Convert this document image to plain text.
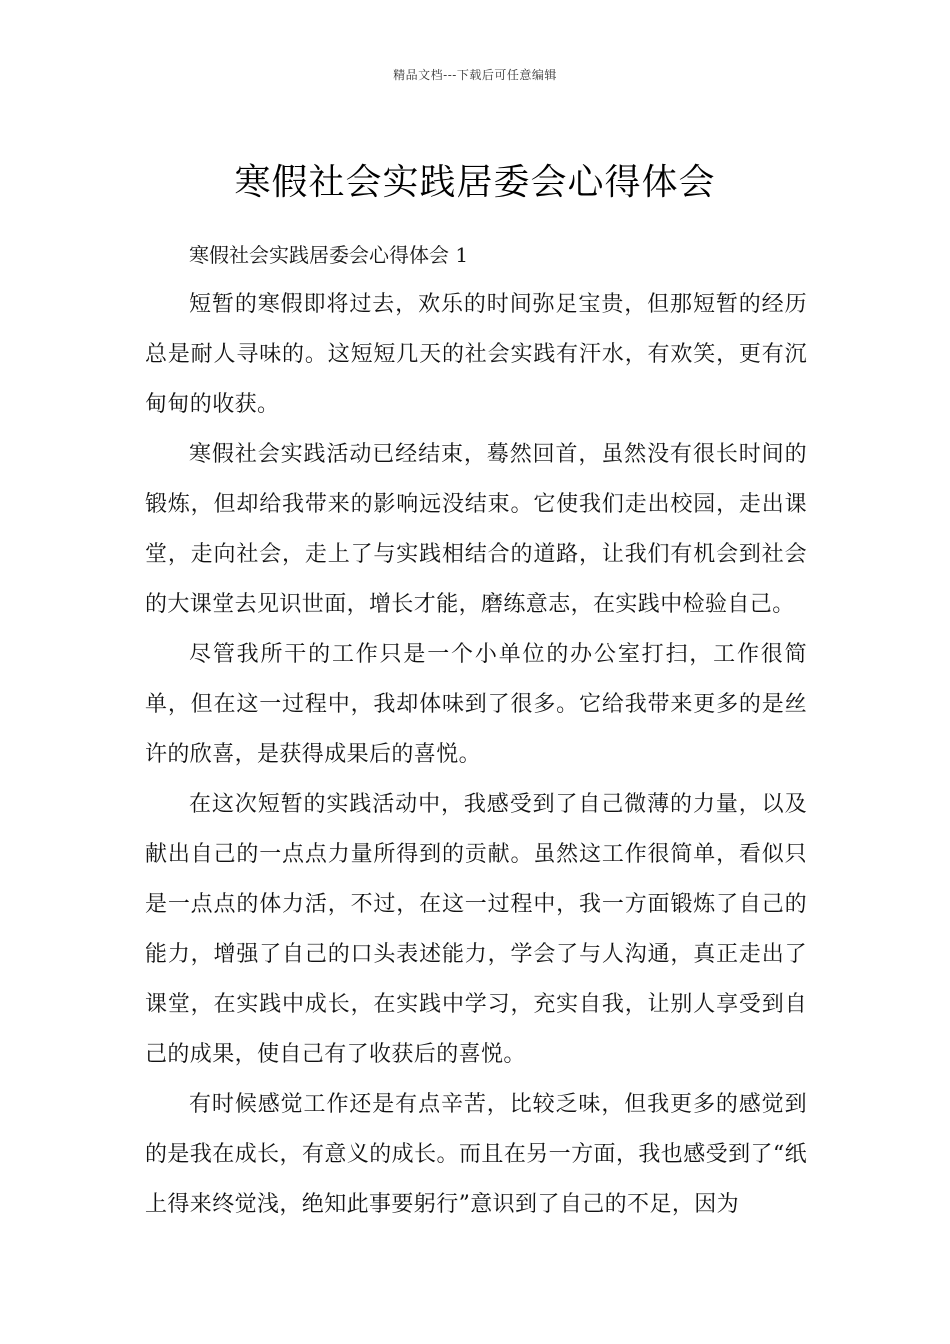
精品文档---下载后可任意编辑
寒假社会实践居委会心得体会

寒假社会实践居委会心得体会 1

短暂的寒假即将过去，欢乐的时间弥足宝贵，但那短暂的经历总是耐人寻味的。这短短几天的社会实践有汗水，有欢笑，更有沉甸甸的收获。

寒假社会实践活动已经结束，蓦然回首，虽然没有很长时间的锻炼，但却给我带来的影响远没结束。它使我们走出校园，走出课堂，走向社会，走上了与实践相结合的道路，让我们有机会到社会的大课堂去见识世面，增长才能，磨练意志，在实践中检验自己。

尽管我所干的工作只是一个小单位的办公室打扫，工作很简单，但在这一过程中，我却体味到了很多。它给我带来更多的是丝许的欣喜，是获得成果后的喜悦。

在这次短暂的实践活动中，我感受到了自己微薄的力量，以及献出自己的一点点力量所得到的贡献。虽然这工作很简单，看似只是一点点的体力活，不过，在这一过程中，我一方面锻炼了自己的能力，增强了自己的口头表述能力，学会了与人沟通，真正走出了课堂，在实践中成长，在实践中学习，充实自我，让别人享受到自己的成果，使自己有了收获后的喜悦。

有时候感觉工作还是有点辛苦，比较乏味，但我更多的感觉到的是我在成长，有意义的成长。而且在另一方面，我也感受到了“纸上得来终觉浅，绝知此事要躬行”意识到了自己的不足，因为
